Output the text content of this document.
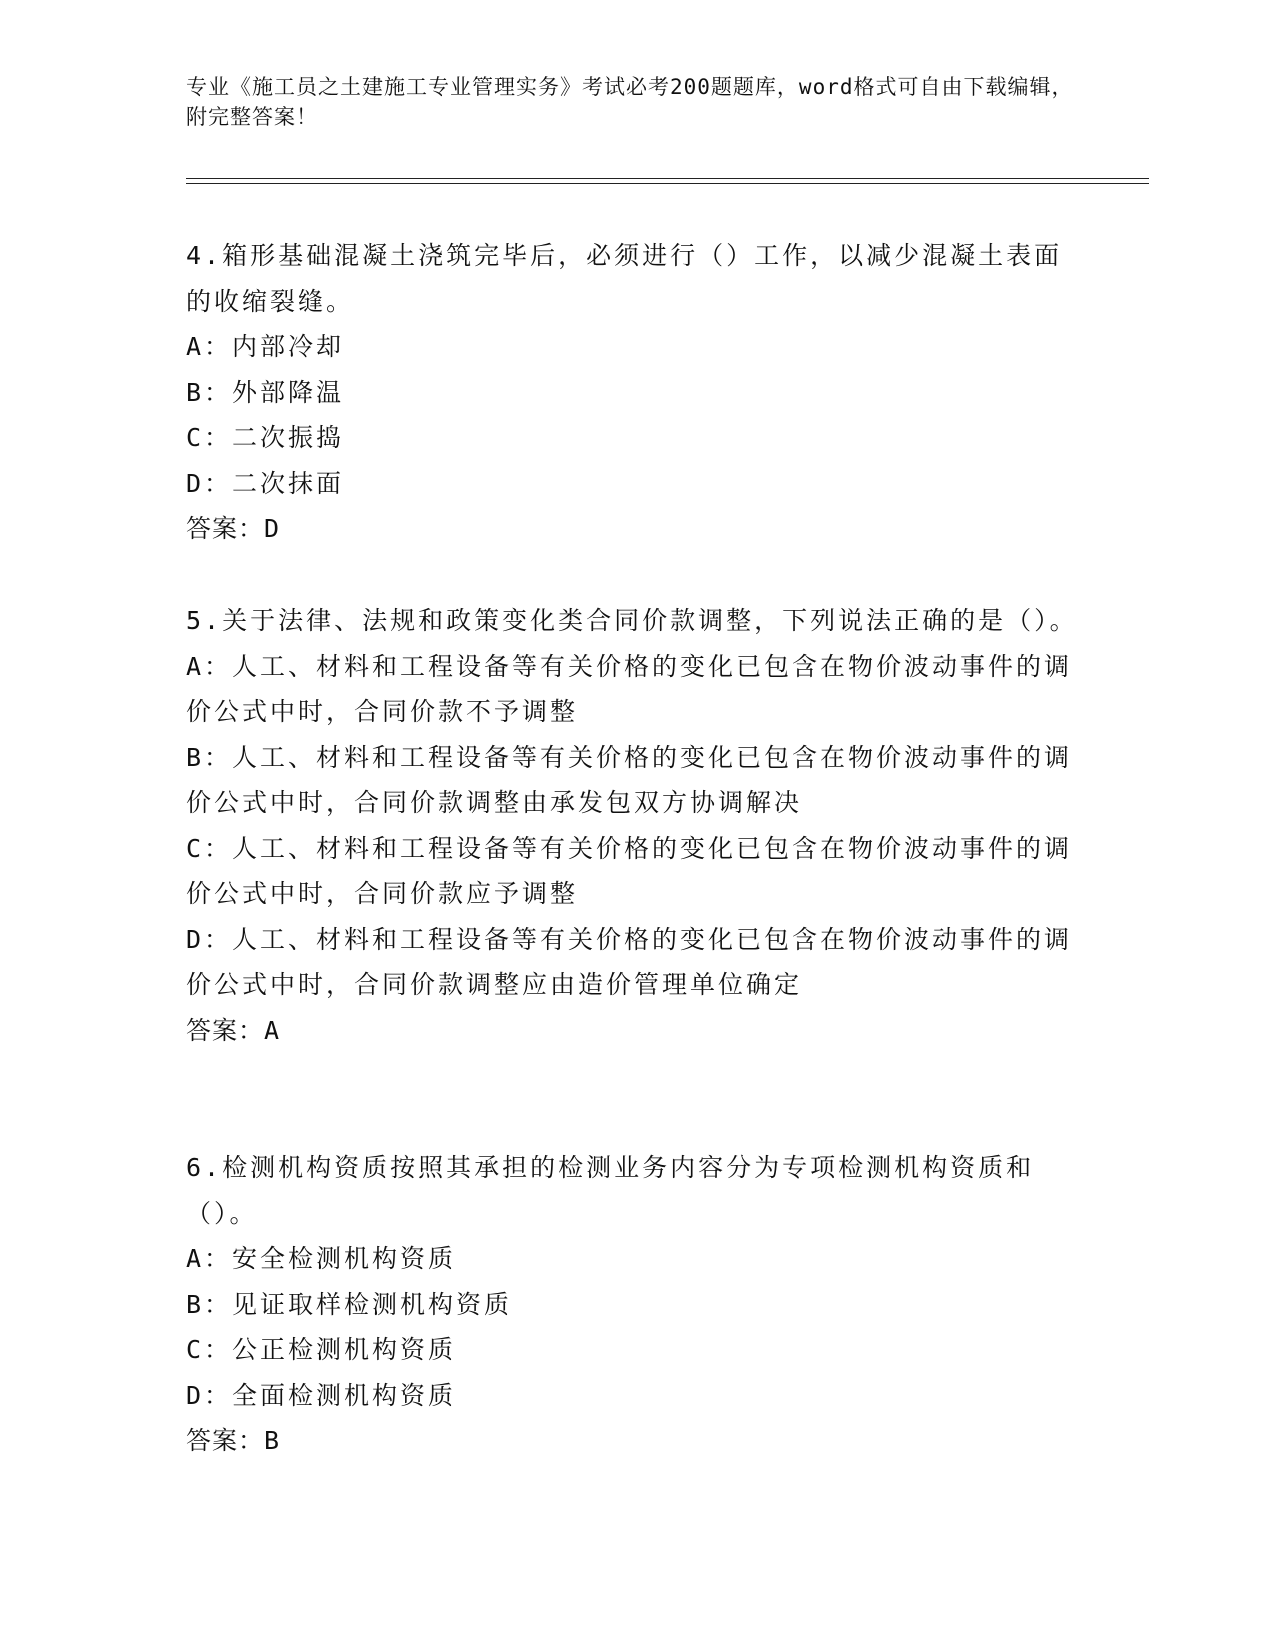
专业《施工员之土建施工专业管理实务》考试必考200题题库，word格式可自由下载编辑，附完整答案！

4.箱形基础混凝土浇筑完毕后，必须进行（）工作，以减少混凝土表面的收缩裂缝。

A：内部冷却

B：外部降温

C：二次振捣

D：二次抹面

答案：D

5.关于法律、法规和政策变化类合同价款调整，下列说法正确的是（）。

A：人工、材料和工程设备等有关价格的变化已包含在物价波动事件的调价公式中时，合同价款不予调整

B：人工、材料和工程设备等有关价格的变化已包含在物价波动事件的调价公式中时，合同价款调整由承发包双方协调解决

C：人工、材料和工程设备等有关价格的变化已包含在物价波动事件的调价公式中时，合同价款应予调整

D：人工、材料和工程设备等有关价格的变化已包含在物价波动事件的调价公式中时，合同价款调整应由造价管理单位确定

答案：A

6.检测机构资质按照其承担的检测业务内容分为专项检测机构资质和（）。

A：安全检测机构资质

B：见证取样检测机构资质

C：公正检测机构资质

D：全面检测机构资质

答案：B
